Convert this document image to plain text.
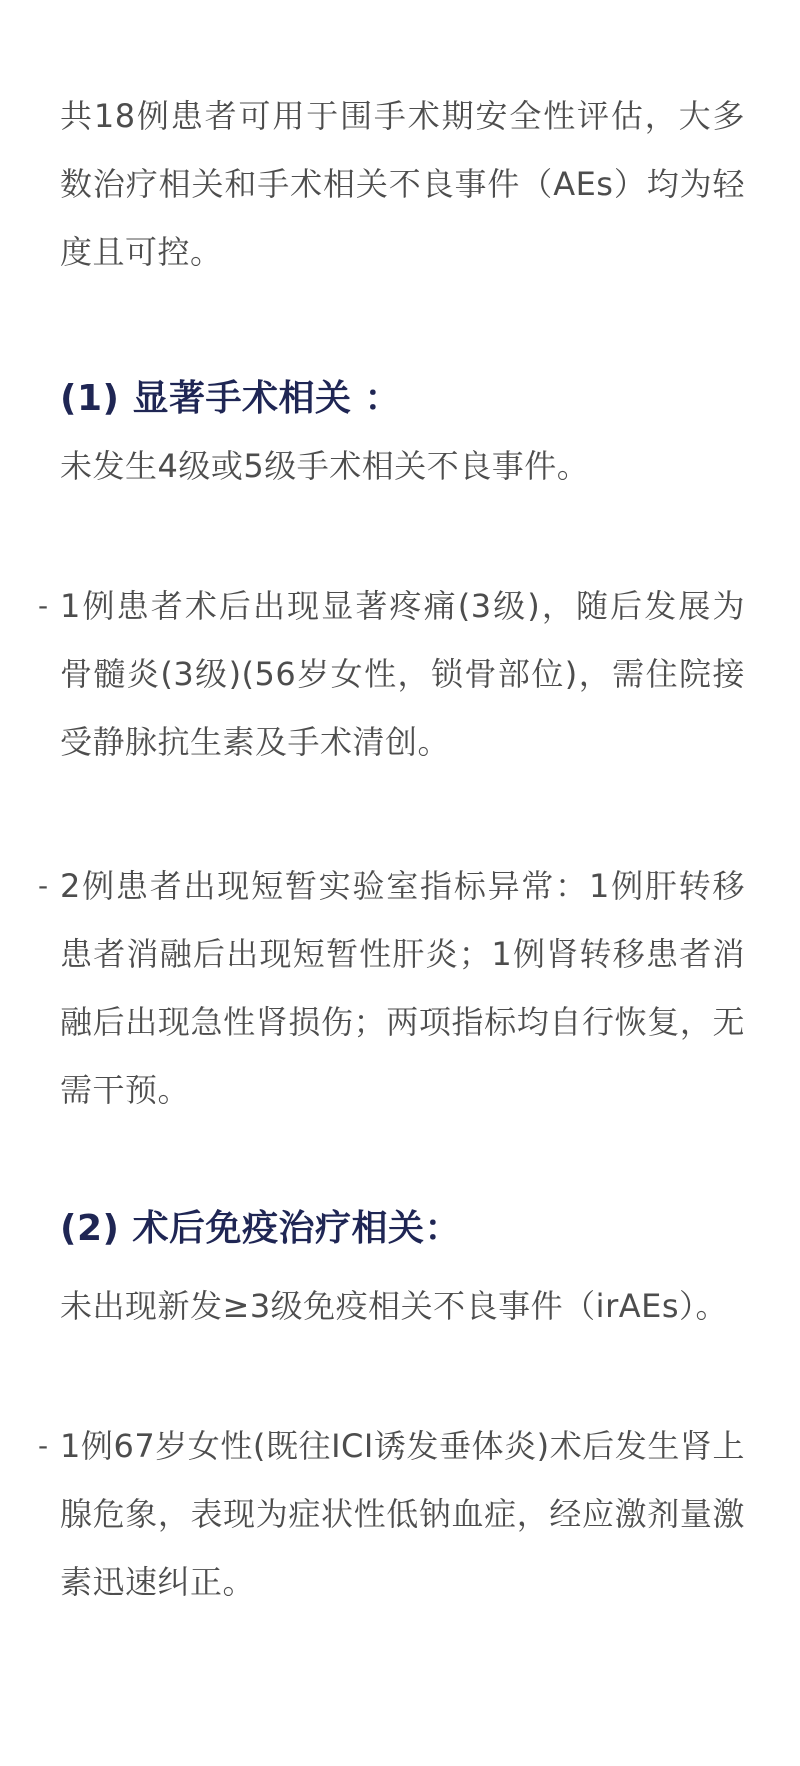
共18例患者可用于围手术期安全性评估，大多数治疗相关和手术相关不良事件（AEs）均为轻度且可控。

(1) 显著手术相关 ：

未发生4级或5级手术相关不良事件。

- 1例患者术后出现显著疼痛(3级)，随后发展为骨髓炎(3级)(56岁女性，锁骨部位)，需住院接受静脉抗生素及手术清创。

- 2例患者出现短暂实验室指标异常：1例肝转移患者消融后出现短暂性肝炎；1例肾转移患者消融后出现急性肾损伤；两项指标均自行恢复，无需干预。

(2) 术后免疫治疗相关：

未出现新发≥3级免疫相关不良事件（irAEs）。

- 1例67岁女性(既往ICI诱发垂体炎)术后发生肾上腺危象，表现为症状性低钠血症，经应激剂量激素迅速纠正。
